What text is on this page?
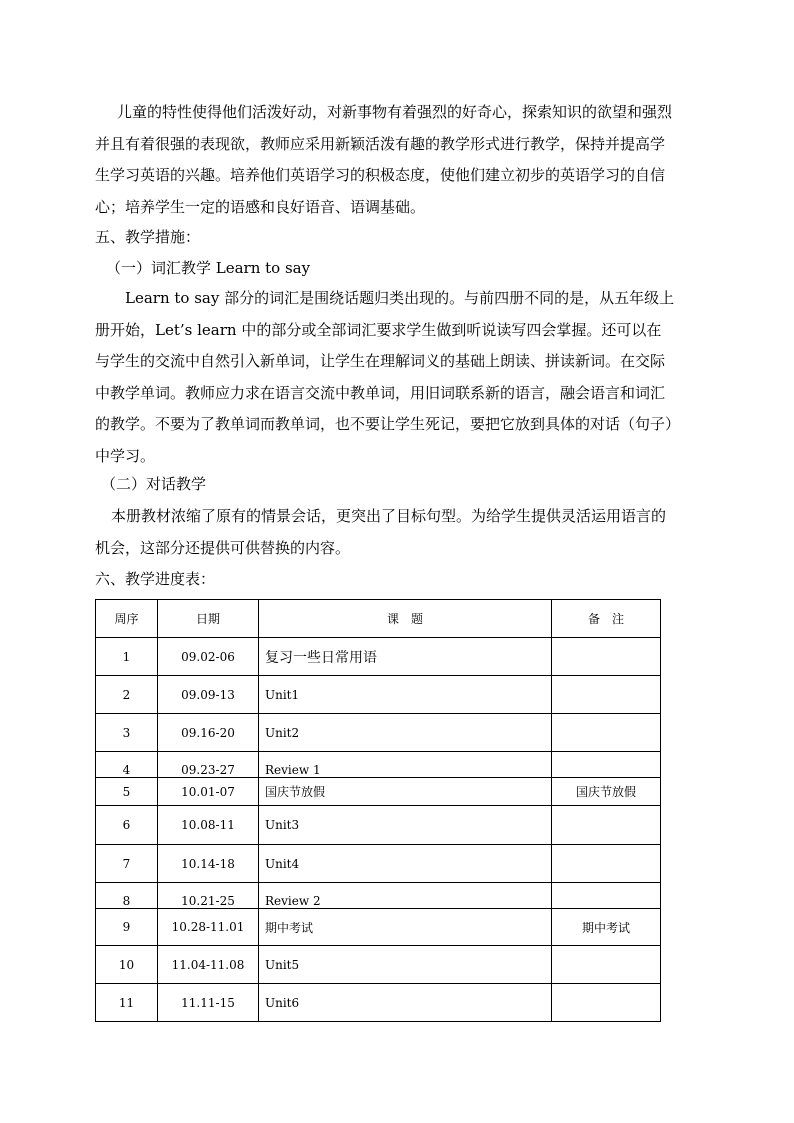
儿童的特性使得他们活泼好动，对新事物有着强烈的好奇心，探索知识的欲望和强烈并且有着很强的表现欲，教师应采用新颖活泼有趣的教学形式进行教学，保持并提高学生学习英语的兴趣。培养他们英语学习的积极态度，使他们建立初步的英语学习的自信心；培养学生一定的语感和良好语音、语调基础。

五、教学措施：

（一）词汇教学 Learn to say

Learn to say 部分的词汇是围绕话题归类出现的。与前四册不同的是，从五年级上册开始，Let’s learn 中的部分或全部词汇要求学生做到听说读写四会掌握。还可以在与学生的交流中自然引入新单词，让学生在理解词义的基础上朗读、拼读新词。在交际中教学单词。教师应力求在语言交流中教单词，用旧词联系新的语言，融会语言和词汇的教学。不要为了教单词而教单词，也不要让学生死记，要把它放到具体的对话（句子）中学习。

（二）对话教学

本册教材浓缩了原有的情景会话，更突出了目标句型。为给学生提供灵活运用语言的机会，这部分还提供可供替换的内容。

六、教学进度表：

周序	日期	课　题	备　注
1	09.02-06	复习一些日常用语	
2	09.09-13	Unit1	
3	09.16-20	Unit2	
4	09.23-27	Review 1	
5	10.01-07	国庆节放假	国庆节放假
6	10.08-11	Unit3	
7	10.14-18	Unit4	
8	10.21-25	Review 2	
9	10.28-11.01	期中考试	期中考试
10	11.04-11.08	Unit5	
11	11.11-15	Unit6	
